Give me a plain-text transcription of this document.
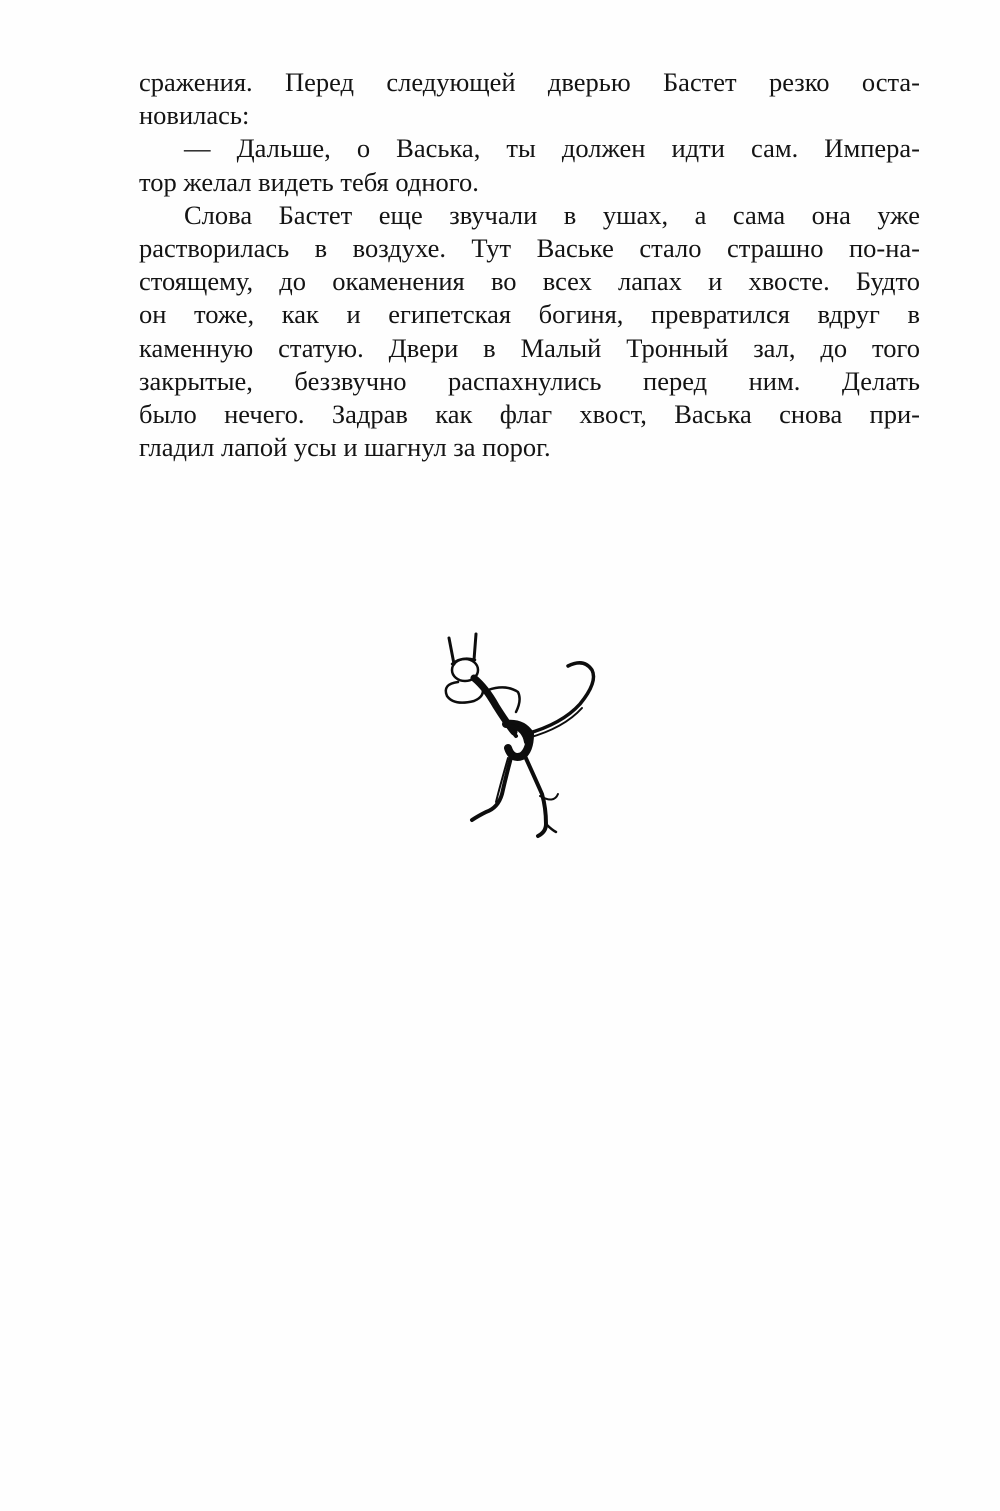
сражения. Перед следующей дверью Бастет резко оста-
новилась:
— Дальше, о Васька, ты должен идти сам. Импера-
тор желал видеть тебя одного.
Слова Бастет еще звучали в ушах, а сама она уже
растворилась в воздухе. Тут Ваське стало страшно по-на-
стоящему, до окаменения во всех лапах и хвосте. Будто
он тоже, как и египетская богиня, превратился вдруг в
каменную статую. Двери в Малый Тронный зал, до того
закрытые, беззвучно распахнулись перед ним. Делать
было нечего. Задрав как флаг хвост, Васька снова при-
гладил лапой усы и шагнул за порог.
